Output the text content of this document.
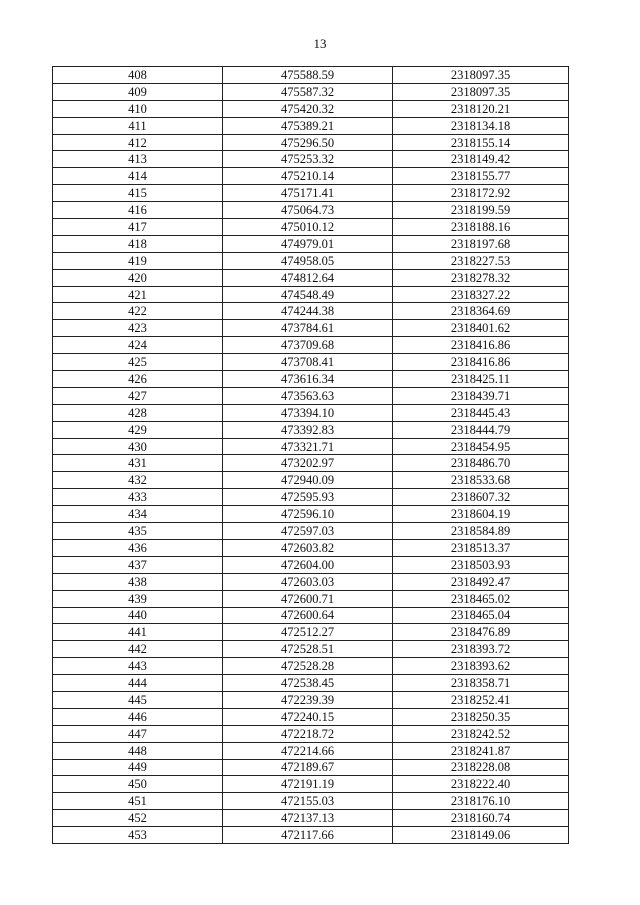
13
408	475588.59	2318097.35
409	475587.32	2318097.35
410	475420.32	2318120.21
411	475389.21	2318134.18
412	475296.50	2318155.14
413	475253.32	2318149.42
414	475210.14	2318155.77
415	475171.41	2318172.92
416	475064.73	2318199.59
417	475010.12	2318188.16
418	474979.01	2318197.68
419	474958.05	2318227.53
420	474812.64	2318278.32
421	474548.49	2318327.22
422	474244.38	2318364.69
423	473784.61	2318401.62
424	473709.68	2318416.86
425	473708.41	2318416.86
426	473616.34	2318425.11
427	473563.63	2318439.71
428	473394.10	2318445.43
429	473392.83	2318444.79
430	473321.71	2318454.95
431	473202.97	2318486.70
432	472940.09	2318533.68
433	472595.93	2318607.32
434	472596.10	2318604.19
435	472597.03	2318584.89
436	472603.82	2318513.37
437	472604.00	2318503.93
438	472603.03	2318492.47
439	472600.71	2318465.02
440	472600.64	2318465.04
441	472512.27	2318476.89
442	472528.51	2318393.72
443	472528.28	2318393.62
444	472538.45	2318358.71
445	472239.39	2318252.41
446	472240.15	2318250.35
447	472218.72	2318242.52
448	472214.66	2318241.87
449	472189.67	2318228.08
450	472191.19	2318222.40
451	472155.03	2318176.10
452	472137.13	2318160.74
453	472117.66	2318149.06
